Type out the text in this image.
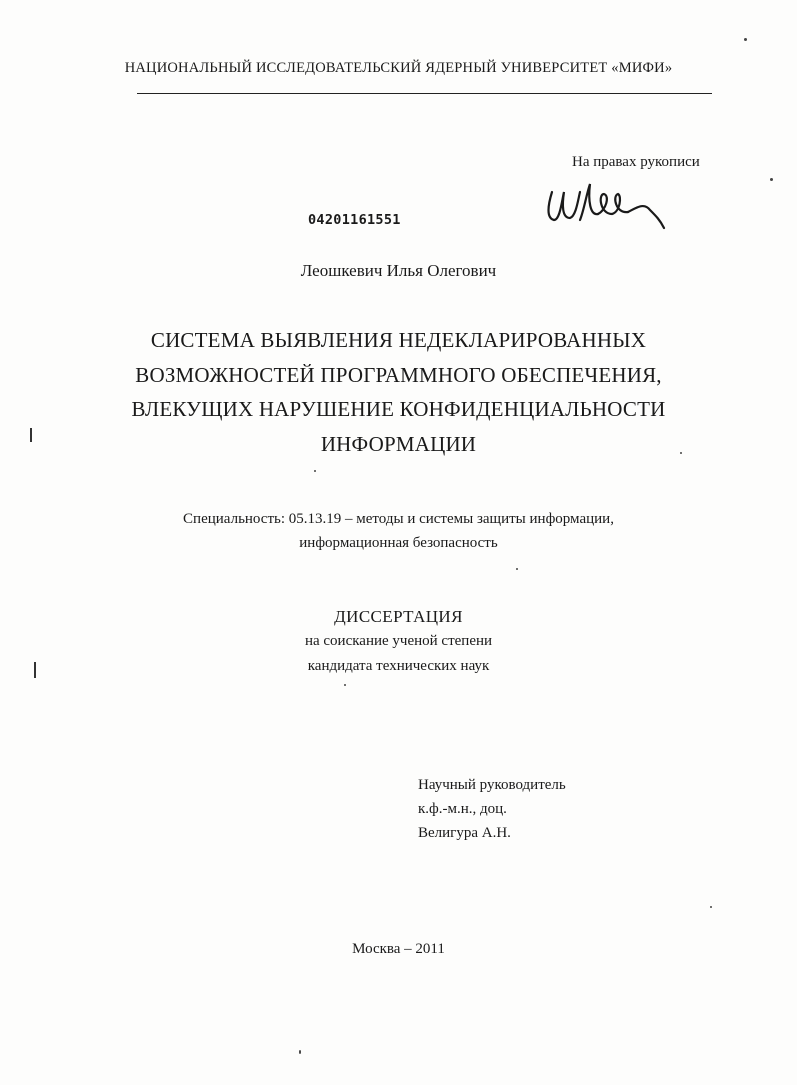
НАЦИОНАЛЬНЫЙ ИССЛЕДОВАТЕЛЬСКИЙ ЯДЕРНЫЙ УНИВЕРСИТЕТ «МИФИ»
На правах рукописи
04201161551
Леошкевич Илья Олегович
СИСТЕМА ВЫЯВЛЕНИЯ НЕДЕКЛАРИРОВАННЫХ
ВОЗМОЖНОСТЕЙ ПРОГРАММНОГО ОБЕСПЕЧЕНИЯ,
ВЛЕКУЩИХ НАРУШЕНИЕ КОНФИДЕНЦИАЛЬНОСТИ
ИНФОРМАЦИИ
Специальность: 05.13.19 – методы и системы защиты информации,
информационная безопасность
ДИССЕРТАЦИЯ
на соискание ученой степени
кандидата технических наук
Научный руководитель
к.ф.-м.н., доц.
Велигура А.Н.
Москва – 2011
